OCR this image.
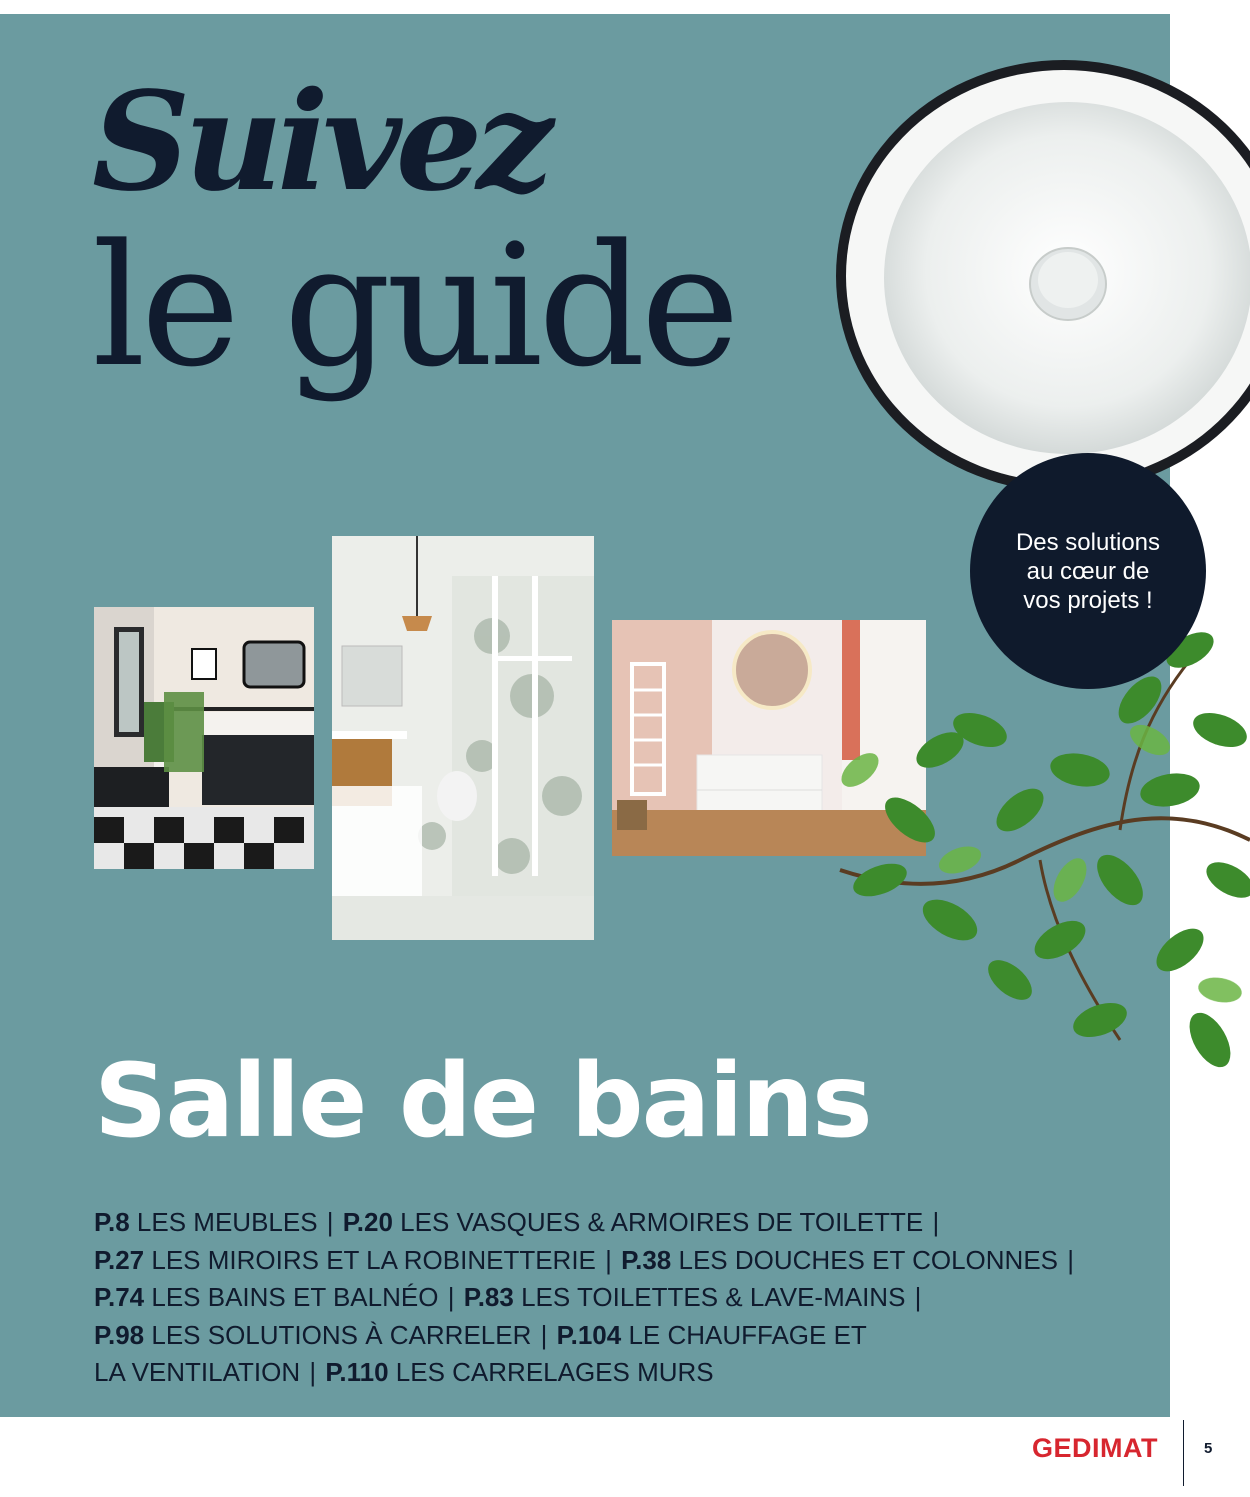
Suivez
le guide
Des solutions
au cœur de
vos projets !
Salle de bains
P.8 LES MEUBLES | P.20 LES VASQUES & ARMOIRES DE TOILETTE |
P.27 LES MIROIRS ET LA ROBINETTERIE | P.38 LES DOUCHES ET COLONNES |
P.74 LES BAINS ET BALNÉO | P.83 LES TOILETTES & LAVE-MAINS |
P.98 LES SOLUTIONS À CARRELER | P.104 LE CHAUFFAGE ET
LA VENTILATION | P.110 LES CARRELAGES MURS
GEDIMAT	5
